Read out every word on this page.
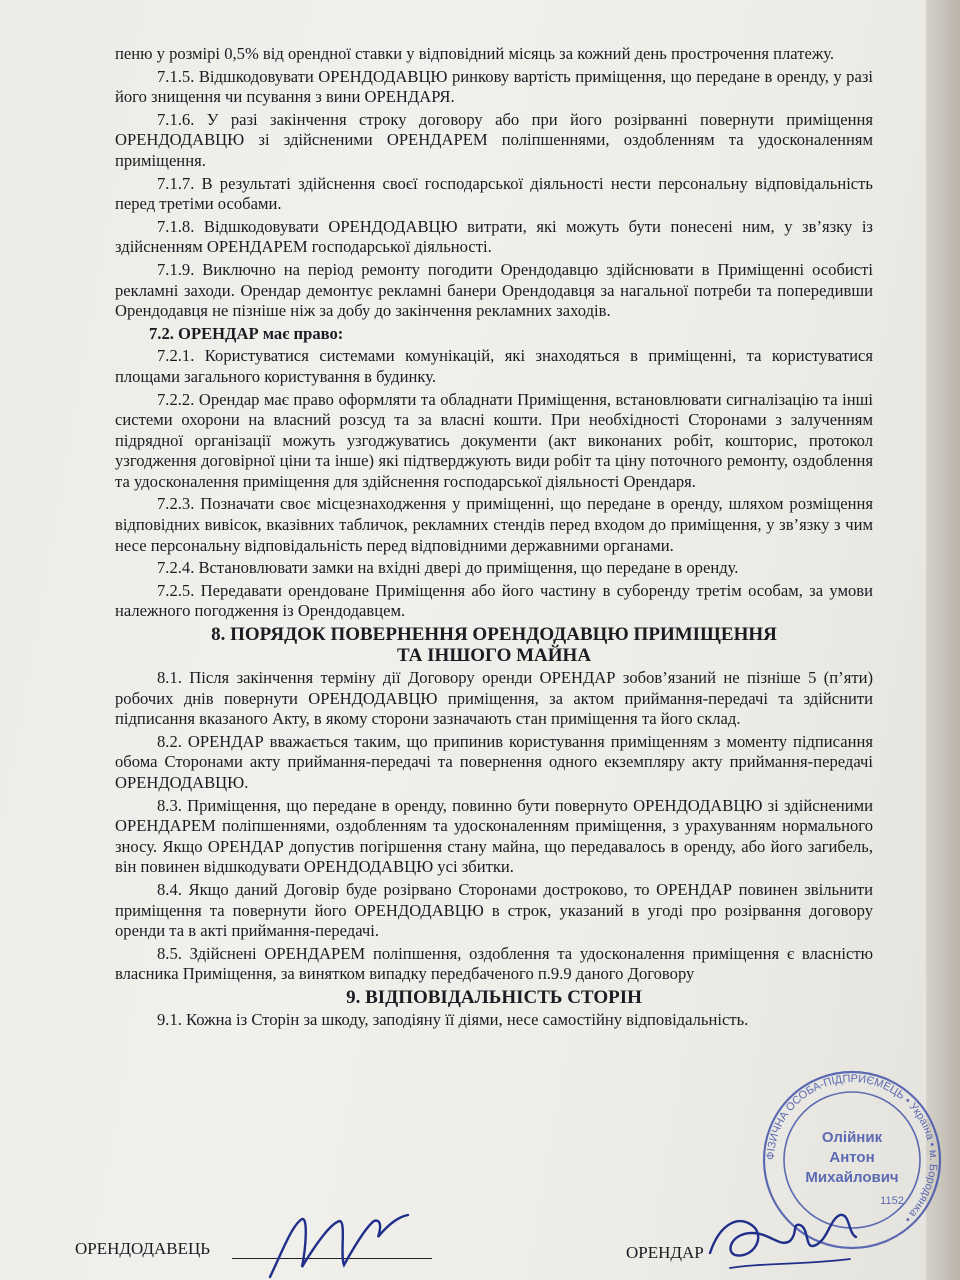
пеню у розмірі 0,5% від орендної ставки у відповідний місяць за кожний день прострочення платежу.

7.1.5. Відшкодовувати ОРЕНДОДАВЦЮ ринкову вартість приміщення, що передане в оренду, у разі його знищення чи псування з вини ОРЕНДАРЯ.

7.1.6. У разі закінчення строку договору або при його розірванні повернути приміщення ОРЕНДОДАВЦЮ зі здійсненими ОРЕНДАРЕМ поліпшеннями, оздобленням та удосконаленням приміщення.

7.1.7. В результаті здійснення своєї господарської діяльності нести персональну відповідальність перед третіми особами.

7.1.8. Відшкодовувати ОРЕНДОДАВЦЮ витрати, які можуть бути понесені ним, у зв’язку із здійсненням ОРЕНДАРЕМ господарської діяльності.

7.1.9. Виключно на період ремонту погодити Орендодавцю здійснювати в Приміщенні особисті рекламні заходи. Орендар демонтує рекламні банери Орендодавця за нагальної потреби та попередивши Орендодавця не пізніше ніж за добу до закінчення рекламних заходів.

7.2. ОРЕНДАР має право:

7.2.1. Користуватися системами комунікацій, які знаходяться в приміщенні, та користуватися площами загального користування в будинку.

7.2.2. Орендар має право оформляти та обладнати Приміщення, встановлювати сигналізацію та інші системи охорони на власний розсуд та за власні кошти. При необхідності Сторонами з залученням підрядної організації можуть узгоджуватись документи (акт виконаних робіт, кошторис, протокол узгодження договірної ціни та інше) які підтверджують види робіт та ціну поточного ремонту, оздоблення та удосконалення приміщення для здійснення господарської діяльності Орендаря.

7.2.3. Позначати своє місцезнаходження у приміщенні, що передане в оренду, шляхом розміщення відповідних вивісок, вказівних табличок, рекламних стендів перед входом до приміщення, у зв’язку з чим несе персональну відповідальність перед відповідними державними органами.

7.2.4. Встановлювати замки на вхідні двері до приміщення, що передане в оренду.

7.2.5. Передавати орендоване Приміщення або його частину в суборенду третім особам, за умови належного погодження із Орендодавцем.

8. ПОРЯДОК ПОВЕРНЕННЯ ОРЕНДОДАВЦЮ ПРИМІЩЕННЯ
ТА ІНШОГО МАЙНА

8.1. Після закінчення терміну дії Договору оренди ОРЕНДАР зобов’язаний не пізніше 5 (п’яти) робочих днів повернути ОРЕНДОДАВЦЮ приміщення, за актом приймання-передачі та здійснити підписання вказаного Акту, в якому сторони зазначають стан приміщення та його склад.

8.2. ОРЕНДАР вважається таким, що припинив користування приміщенням з моменту підписання обома Сторонами акту приймання-передачі та повернення одного екземпляру акту приймання-передачі ОРЕНДОДАВЦЮ.

8.3. Приміщення, що передане в оренду, повинно бути повернуто ОРЕНДОДАВЦЮ зі здійсненими ОРЕНДАРЕМ поліпшеннями, оздобленням та удосконаленням приміщення, з урахуванням нормального зносу. Якщо ОРЕНДАР допустив погіршення стану майна, що передавалось в оренду, або його загибель, він повинен відшкодувати ОРЕНДОДАВЦЮ усі збитки.

8.4. Якщо даний Договір буде розірвано Сторонами достроково, то ОРЕНДАР повинен звільнити приміщення та повернути його ОРЕНДОДАВЦЮ в строк, указаний в угоді про розірвання договору оренди та в акті приймання-передачі.

8.5. Здійснені ОРЕНДАРЕМ поліпшення, оздоблення та удосконалення приміщення є власністю власника Приміщення, за винятком випадку передбаченого п.9.9 даного Договору

9. ВІДПОВІДАЛЬНІСТЬ СТОРІН

9.1. Кожна із Сторін за шкоду, заподіяну її діями, несе самостійну відповідальність.

ФІЗИЧНА ОСОБА-ПІДПРИЄМЕЦЬ • Україна • м. Бородянка •
Олійник
Антон
Михайлович
1152
ОРЕНДОДАВЕЦЬ	ОРЕНДАР
